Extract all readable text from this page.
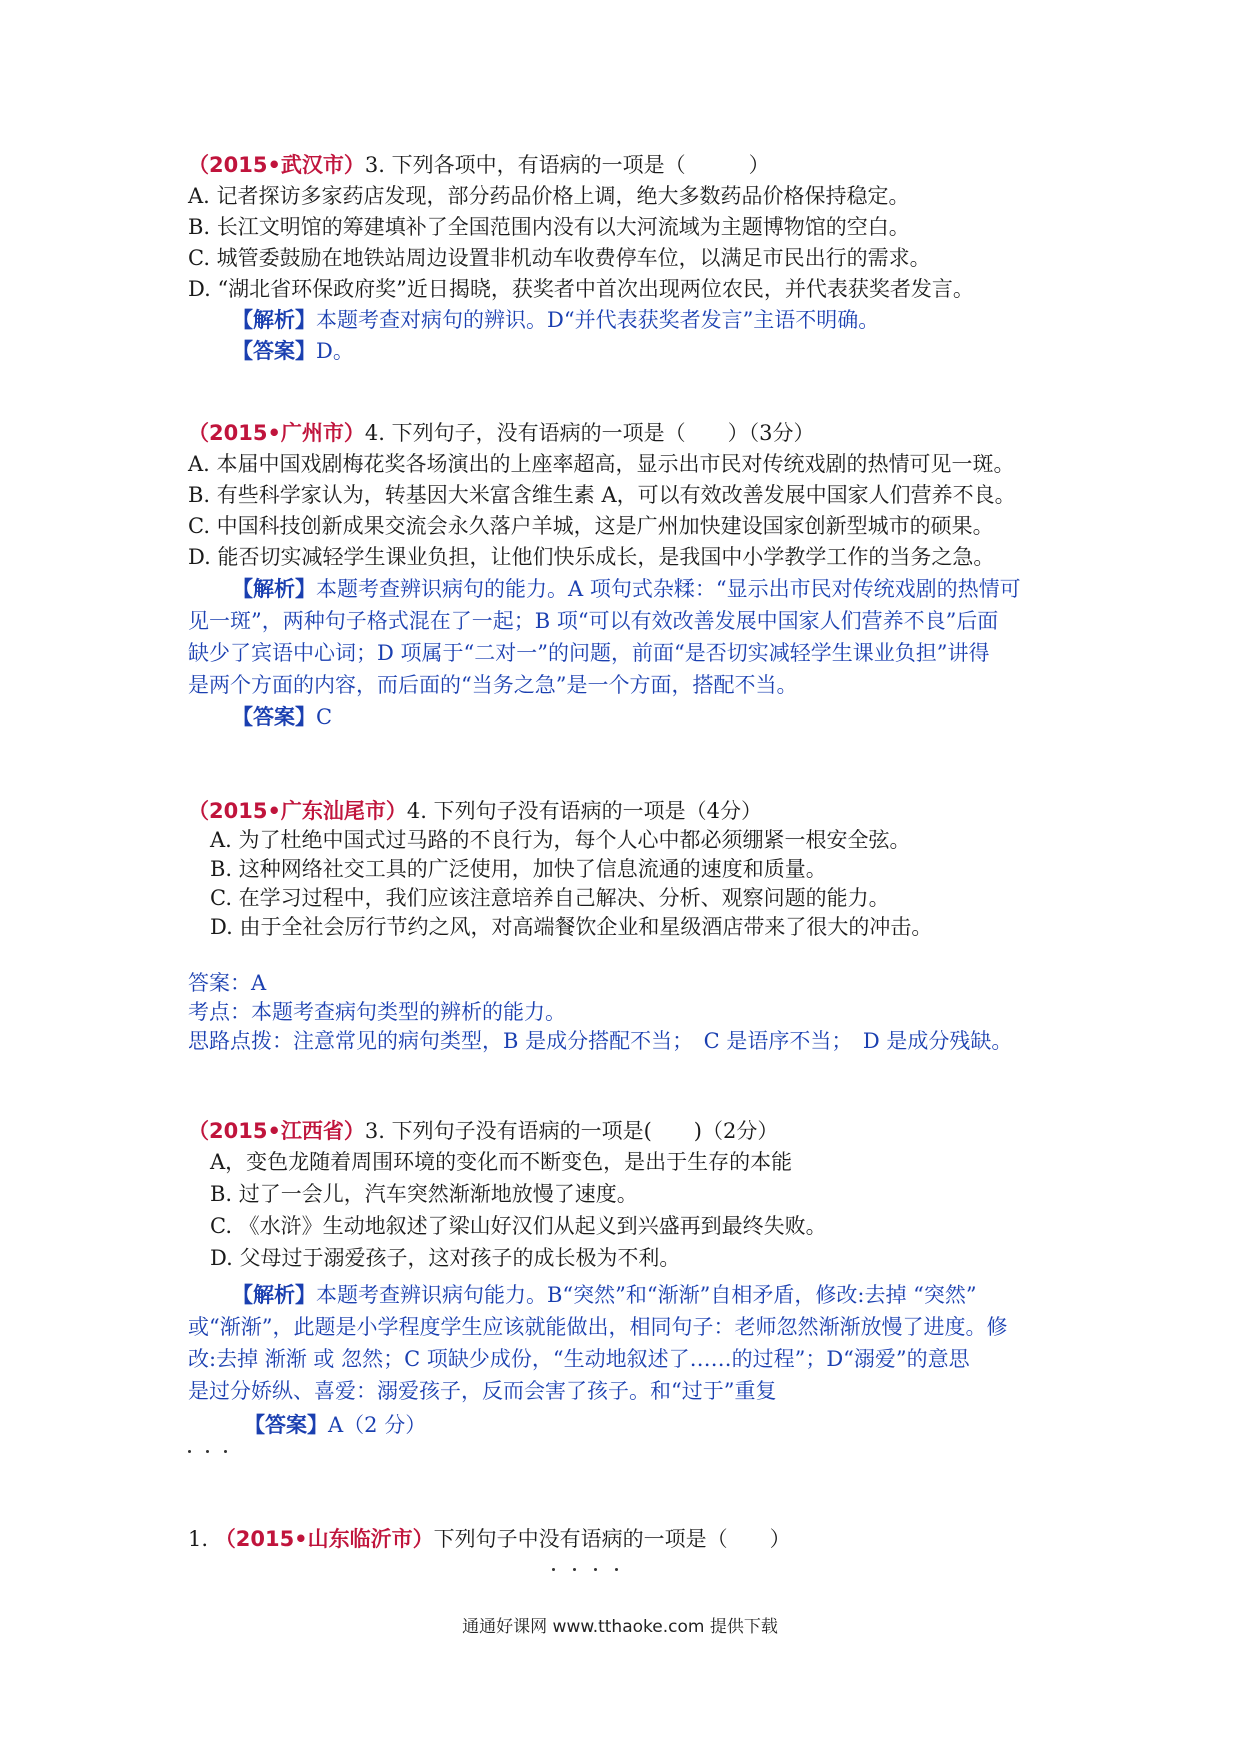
（2015•武汉市）3. 下列各项中，有语病的一项是（　　　）
A. 记者探访多家药店发现，部分药品价格上调，绝大多数药品价格保持稳定。
B. 长江文明馆的筹建填补了全国范围内没有以大河流域为主题博物馆的空白。
C. 城管委鼓励在地铁站周边设置非机动车收费停车位，以满足市民出行的需求。
D. “湖北省环保政府奖”近日揭晓，获奖者中首次出现两位农民，并代表获奖者发言。
【解析】本题考查对病句的辨识。D“并代表获奖者发言”主语不明确。
【答案】D。
（2015•广州市）4. 下列句子，没有语病的一项是（　　）（3分）
A. 本届中国戏剧梅花奖各场演出的上座率超高，显示出市民对传统戏剧的热情可见一斑。
B. 有些科学家认为，转基因大米富含维生素 A，可以有效改善发展中国家人们营养不良。
C. 中国科技创新成果交流会永久落户羊城，这是广州加快建设国家创新型城市的硕果。
D. 能否切实减轻学生课业负担，让他们快乐成长，是我国中小学教学工作的当务之急。
【解析】本题考查辨识病句的能力。A 项句式杂糅：“显示出市民对传统戏剧的热情可
见一斑”，两种句子格式混在了一起；B 项“可以有效改善发展中国家人们营养不良”后面
缺少了宾语中心词；D 项属于“二对一”的问题，前面“是否切实减轻学生课业负担”讲得
是两个方面的内容，而后面的“当务之急”是一个方面，搭配不当。
【答案】C
（2015•广东汕尾市）4. 下列句子没有语病的一项是（4分）
A. 为了杜绝中国式过马路的不良行为，每个人心中都必须绷紧一根安全弦。
B. 这种网络社交工具的广泛使用，加快了信息流通的速度和质量。
C. 在学习过程中，我们应该注意培养自己解决、分析、观察问题的能力。
D. 由于全社会厉行节约之风，对高端餐饮企业和星级酒店带来了很大的冲击。
答案：A
考点：本题考查病句类型的辨析的能力。
思路点拨：注意常见的病句类型，B 是成分搭配不当；　C 是语序不当；　D 是成分残缺。
（2015•江西省）3. 下列句子没有语病的一项是(　　)（2分）
A，变色龙随着周围环境的变化而不断变色，是出于生存的本能
B. 过了一会儿，汽车突然渐渐地放慢了速度。
C. 《水浒》生动地叙述了梁山好汉们从起义到兴盛再到最终失败。
D. 父母过于溺爱孩子，这对孩子的成长极为不利。
【解析】本题考查辨识病句能力。B“突然”和“渐渐”自相矛盾，修改:去掉 “突然”
或“渐渐”，此题是小学程度学生应该就能做出，相同句子：老师忽然渐渐放慢了进度。修
改:去掉 渐渐 或 忽然；C 项缺少成份，“生动地叙述了……的过程”；D“溺爱”的意思
是过分娇纵、喜爱：溺爱孩子，反而会害了孩子。和“过于”重复
【答案】A（2 分）
1. （2015•山东临沂市）下列句子中没有语病的一项是（　　）
通通好课网 www.tthaoke.com 提供下载
